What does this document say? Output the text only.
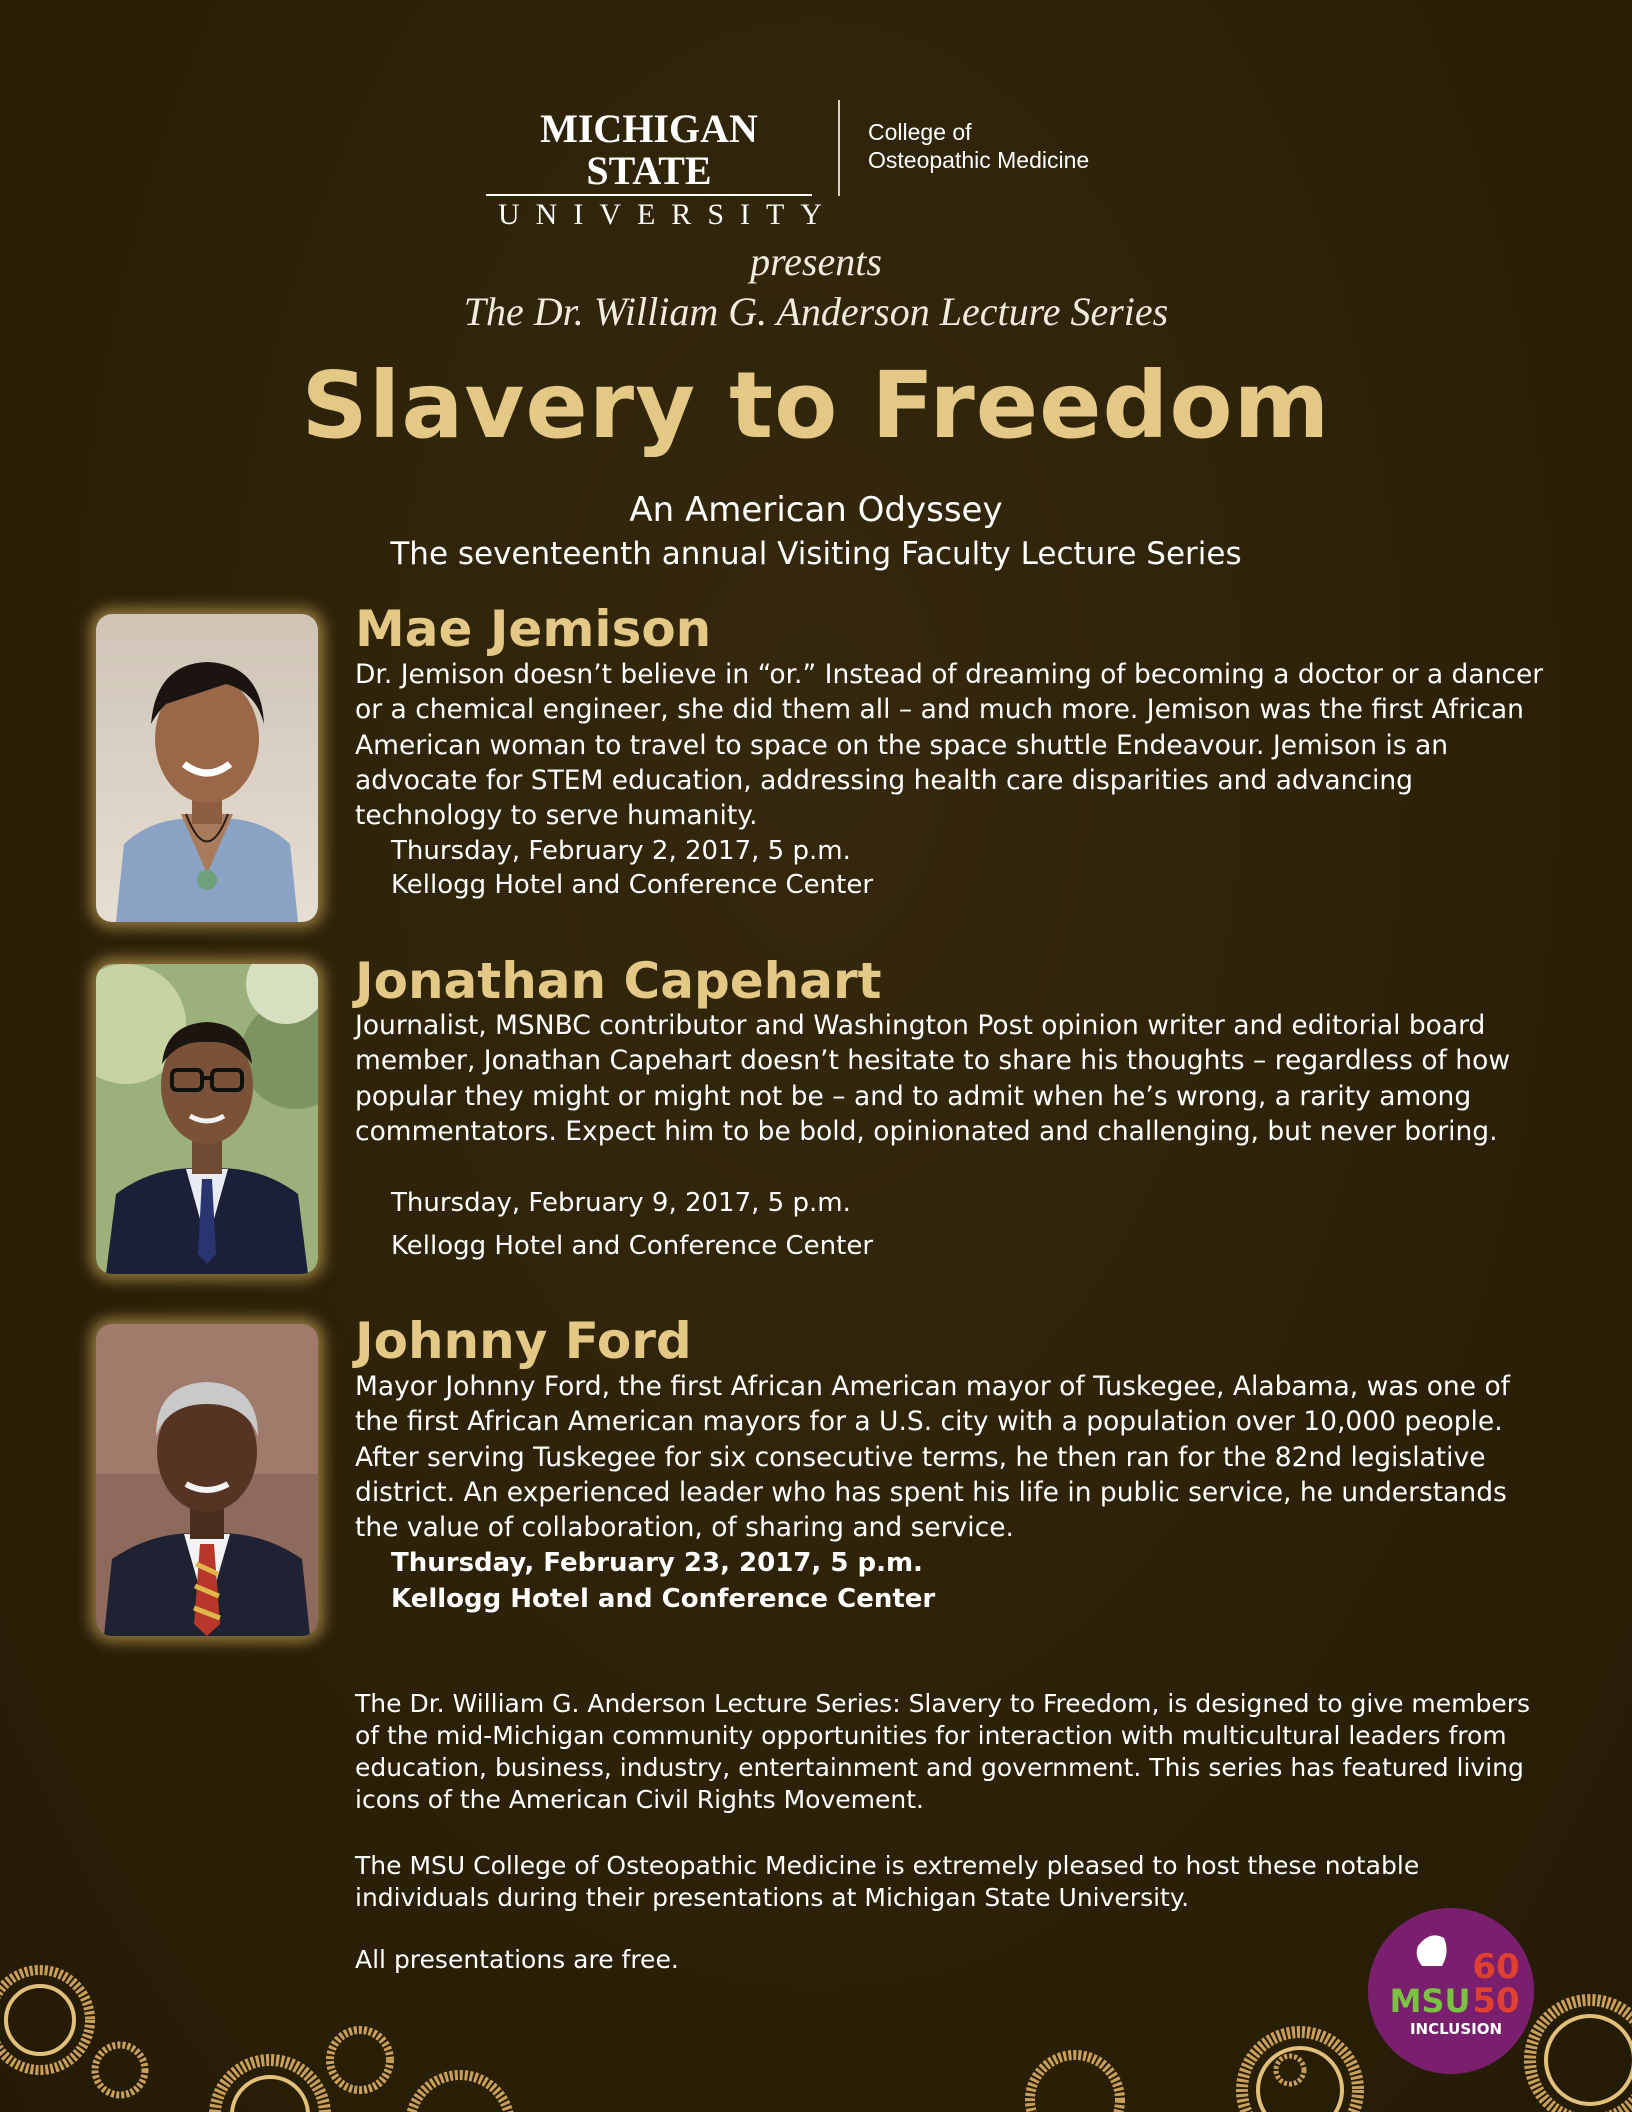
MICHIGAN STATE
UNIVERSITY
College of
Osteopathic Medicine
presents
The Dr. William G. Anderson Lecture Series
Slavery to Freedom
An American Odyssey
The seventeenth annual Visiting Faculty Lecture Series
Mae Jemison
Dr. Jemison doesn’t believe in “or.” Instead of dreaming of becoming a doctor or a dancer or a chemical engineer, she did them all – and much more. Jemison was the first African American woman to travel to space on the space shuttle Endeavour. Jemison is an advocate for STEM education, addressing health care disparities and advancing technology to serve humanity.
Thursday, February 2, 2017, 5 p.m.
Kellogg Hotel and Conference Center
Jonathan Capehart
Journalist, MSNBC contributor and Washington Post opinion writer and editorial board member, Jonathan Capehart doesn’t hesitate to share his thoughts – regardless of how popular they might or might not be – and to admit when he’s wrong, a rarity among commentators. Expect him to be bold, opinionated and challenging, but never boring.
Thursday, February 9, 2017, 5 p.m.
Kellogg Hotel and Conference Center
Johnny Ford
Mayor Johnny Ford, the first African American mayor of Tuskegee, Alabama, was one of the first African American mayors for a U.S. city with a population over 10,000 people. After serving Tuskegee for six consecutive terms, he then ran for the 82nd legislative district. An experienced leader who has spent his life in public service, he understands the value of collaboration, of sharing and service.
Thursday, February 23, 2017, 5 p.m.
Kellogg Hotel and Conference Center
The Dr. William G. Anderson Lecture Series: Slavery to Freedom, is designed to give members of the mid-Michigan community opportunities for interaction with multicultural leaders from education, business, industry, entertainment and government. This series has featured living icons of the American Civil Rights Movement.
The MSU College of Osteopathic Medicine is extremely pleased to host these notable individuals during their presentations at Michigan State University.
All presentations are free.	60
MSU 50
INCLUSION
